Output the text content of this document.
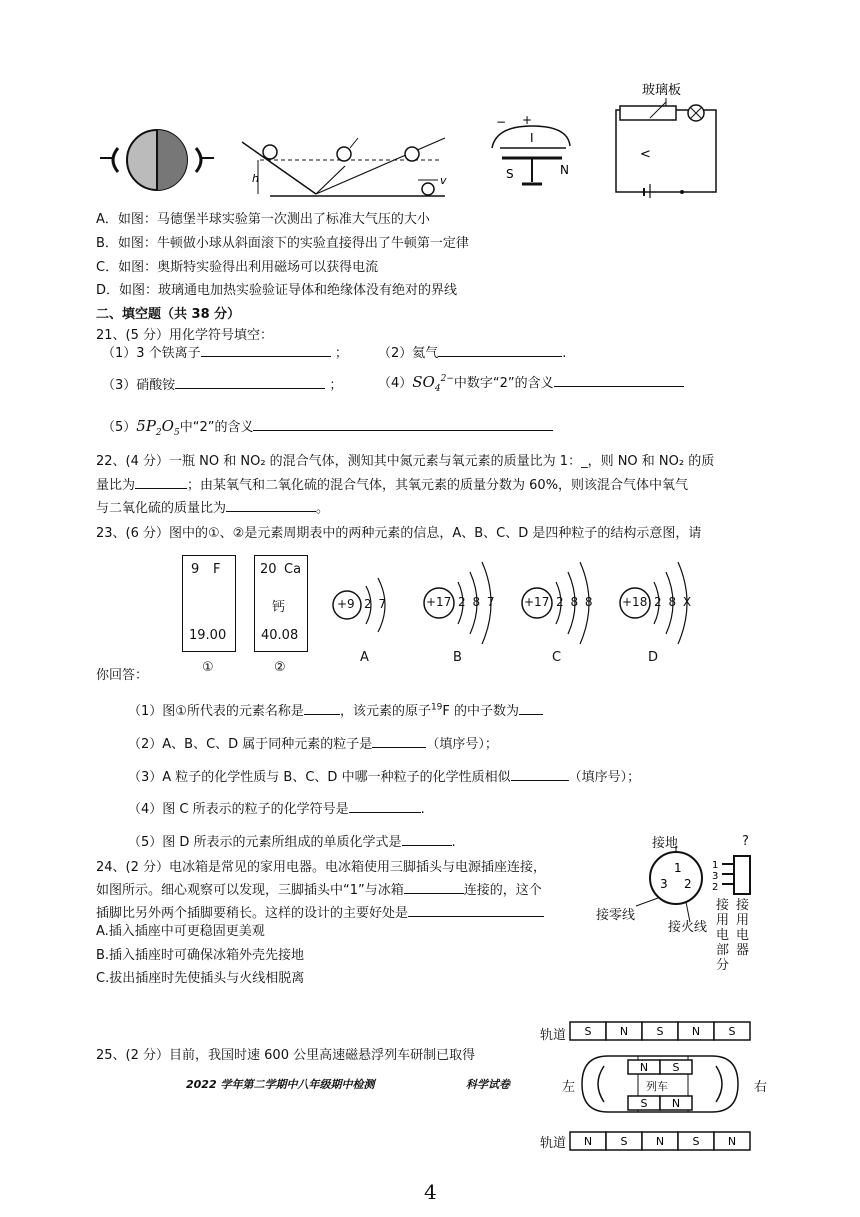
h	v
− +
I
S	N
玻璃板
<
A．如图：马德堡半球实验第一次测出了标准大气压的大小
B．如图：牛顿做小球从斜面滚下的实验直接得出了牛顿第一定律
C．如图：奥斯特实验得出利用磁场可以获得电流
D．如图：玻璃通电加热实验验证导体和绝缘体没有绝对的界线
二、填空题（共 38 分）
21、(5 分）用化学符号填空：
（1）3 个铁离子	； （2）氦气	.
（3）硝酸铵	；	$(4)SO_4^{2-}$中数字“2”的含义
$(5)5P_2O_5$中“2”的含义
22、(4 分）一瓶 NO 和 NO₂ 的混合气体，测知其中氮元素与氧元素的质量比为 1：_，则 NO 和 NO₂ 的质
量比为	；由某氧气和二氧化硫的混合气体，其氧元素的质量分数为 60%，则该混合气体中氧气
与二氧化硫的质量比为	。
23、(6 分）图中的①、②是元素周期表中的两种元素的信息，A、B、C、D 是四种粒子的结构示意图，请
9 F
19.00
20 Ca
钙
40.08
①	②
+9 2 7
A
+17 2 8 7
B
+17 2 8 8
C
+18 2 8 X
D
你回答：
（1）图①所代表的元素名称是	，该元素的原子$^{19}$F 的中子数为
（2）A、B、C、D 属于同种元素的粒子是	（填序号）；
（3）A 粒子的化学性质与 B、C、D 中哪一种粒子的化学性质相似	（填序号）；
（4）图 C 所表示的粒子的化学符号是	.
（5）图 D 所表示的元素所组成的单质化学式是	.
24、(2 分）电冰箱是常见的家用电器。电冰箱使用三脚插头与电源插座连接，
如图所示。细心观察可以发现，三脚插头中“1”与冰箱	连接的，这个
插脚比另外两个插脚要稍长。这样的设计的主要好处是
A.插入插座中可更稳固更美观
B.插入插座时可确保冰箱外壳先接地
C.拔出插座时先使插头与火线相脱离
1
3 2
1
3
2
接地
接零线
接火线
?
接用电部分
接用电器
25、(2 分）目前，我国时速 600 公里高速磁悬浮列车研制已取得
S	N	S	N	S
N	S	N	S	N
N S
S N
轨道
轨道
左	右
列车
2022 学年第二学期中八年级期中检测	科学试卷
4
